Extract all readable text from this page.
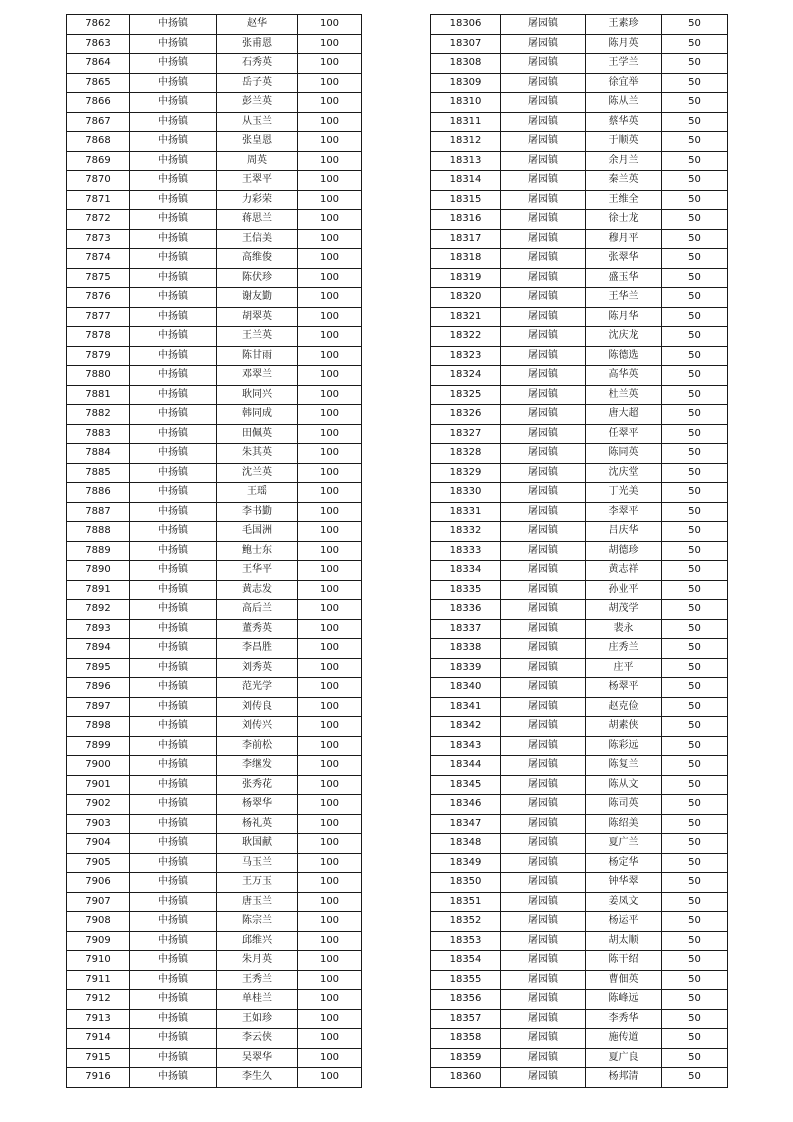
7862	中扬镇	赵华	100
7863	中扬镇	张甫恩	100
7864	中扬镇	石秀英	100
7865	中扬镇	岳子英	100
7866	中扬镇	彭兰英	100
7867	中扬镇	从玉兰	100
7868	中扬镇	张皇恩	100
7869	中扬镇	周英	100
7870	中扬镇	王翠平	100
7871	中扬镇	力彩荣	100
7872	中扬镇	蒋思兰	100
7873	中扬镇	王信美	100
7874	中扬镇	高维俊	100
7875	中扬镇	陈伏珍	100
7876	中扬镇	谢友勤	100
7877	中扬镇	胡翠英	100
7878	中扬镇	王兰英	100
7879	中扬镇	陈甘雨	100
7880	中扬镇	邓翠兰	100
7881	中扬镇	耿同兴	100
7882	中扬镇	韩同成	100
7883	中扬镇	田佩英	100
7884	中扬镇	朱其英	100
7885	中扬镇	沈兰英	100
7886	中扬镇	王瑶	100
7887	中扬镇	李书勤	100
7888	中扬镇	毛国洲	100
7889	中扬镇	鲍士东	100
7890	中扬镇	王华平	100
7891	中扬镇	黄志发	100
7892	中扬镇	高后兰	100
7893	中扬镇	董秀英	100
7894	中扬镇	李昌胜	100
7895	中扬镇	刘秀英	100
7896	中扬镇	范光学	100
7897	中扬镇	刘传良	100
7898	中扬镇	刘传兴	100
7899	中扬镇	李前松	100
7900	中扬镇	李继发	100
7901	中扬镇	张秀花	100
7902	中扬镇	杨翠华	100
7903	中扬镇	杨礼英	100
7904	中扬镇	耿国献	100
7905	中扬镇	马玉兰	100
7906	中扬镇	王万玉	100
7907	中扬镇	唐玉兰	100
7908	中扬镇	陈宗兰	100
7909	中扬镇	邱维兴	100
7910	中扬镇	朱月英	100
7911	中扬镇	王秀兰	100
7912	中扬镇	单桂兰	100
7913	中扬镇	王如珍	100
7914	中扬镇	李云侠	100
7915	中扬镇	吴翠华	100
7916	中扬镇	李生久	100
18306	屠园镇	王素珍	50
18307	屠园镇	陈月英	50
18308	屠园镇	王学兰	50
18309	屠园镇	徐宜举	50
18310	屠园镇	陈从兰	50
18311	屠园镇	蔡华英	50
18312	屠园镇	于顺英	50
18313	屠园镇	余月兰	50
18314	屠园镇	秦兰英	50
18315	屠园镇	王维全	50
18316	屠园镇	徐士龙	50
18317	屠园镇	穆月平	50
18318	屠园镇	张翠华	50
18319	屠园镇	盛玉华	50
18320	屠园镇	王华兰	50
18321	屠园镇	陈月华	50
18322	屠园镇	沈庆龙	50
18323	屠园镇	陈德选	50
18324	屠园镇	高华英	50
18325	屠园镇	杜兰英	50
18326	屠园镇	唐大超	50
18327	屠园镇	任翠平	50
18328	屠园镇	陈同英	50
18329	屠园镇	沈庆堂	50
18330	屠园镇	丁光美	50
18331	屠园镇	李翠平	50
18332	屠园镇	吕庆华	50
18333	屠园镇	胡德珍	50
18334	屠园镇	黄志祥	50
18335	屠园镇	孙业平	50
18336	屠园镇	胡茂学	50
18337	屠园镇	裴永	50
18338	屠园镇	庄秀兰	50
18339	屠园镇	庄平	50
18340	屠园镇	杨翠平	50
18341	屠园镇	赵克俭	50
18342	屠园镇	胡素侠	50
18343	屠园镇	陈彩远	50
18344	屠园镇	陈复兰	50
18345	屠园镇	陈从文	50
18346	屠园镇	陈司英	50
18347	屠园镇	陈绍美	50
18348	屠园镇	夏广兰	50
18349	屠园镇	杨定华	50
18350	屠园镇	钟华翠	50
18351	屠园镇	姜凤文	50
18352	屠园镇	杨运平	50
18353	屠园镇	胡太顺	50
18354	屠园镇	陈干绍	50
18355	屠园镇	曹佃英	50
18356	屠园镇	陈峰远	50
18357	屠园镇	李秀华	50
18358	屠园镇	施传道	50
18359	屠园镇	夏广良	50
18360	屠园镇	杨邦清	50
